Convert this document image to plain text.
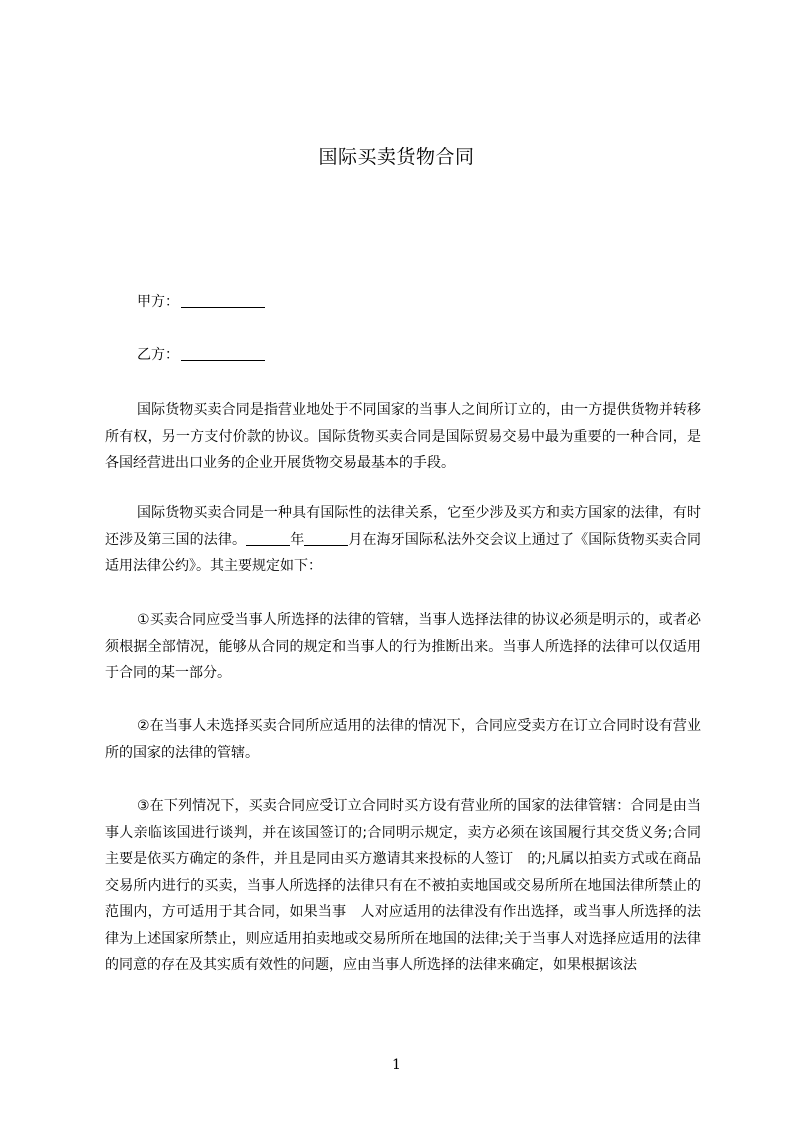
国际买卖货物合同
甲方：
乙方：

国际货物买卖合同是指营业地处于不同国家的当事人之间所订立的，由一方提供货物并转移所有权，另一方支付价款的协议。国际货物买卖合同是国际贸易交易中最为重要的一种合同，是各国经营进出口业务的企业开展货物交易最基本的手段。

国际货物买卖合同是一种具有国际性的法律关系，它至少涉及买方和卖方国家的法律，有时还涉及第三国的法律。	年	月在海牙国际私法外交会议上通过了《国际货物买卖合同适用法律公约》。其主要规定如下：

①买卖合同应受当事人所选择的法律的管辖，当事人选择法律的协议必须是明示的，或者必须根据全部情况，能够从合同的规定和当事人的行为推断出来。当事人所选择的法律可以仅适用于合同的某一部分。

②在当事人未选择买卖合同所应适用的法律的情况下，合同应受卖方在订立合同时设有营业所的国家的法律的管辖。

③在下列情况下，买卖合同应受订立合同时买方设有营业所的国家的法律管辖：合同是由当　事人亲临该国进行谈判，并在该国签订的;合同明示规定，卖方必须在该国履行其交货义务;合同主要是依买方确定的条件，并且是同由买方邀请其来投标的人签订　的;凡属以拍卖方式或在商品交易所内进行的买卖，当事人所选择的法律只有在不被拍卖地国或交易所所在地国法律所禁止的范围内，方可适用于其合同，如果当事　人对应适用的法律没有作出选择，或当事人所选择的法律为上述国家所禁止，则应适用拍卖地或交易所所在地国的法律;关于当事人对选择应适用的法律的同意的存在及其实质有效性的问题，应由当事人所选择的法律来确定，如果根据该法

1
